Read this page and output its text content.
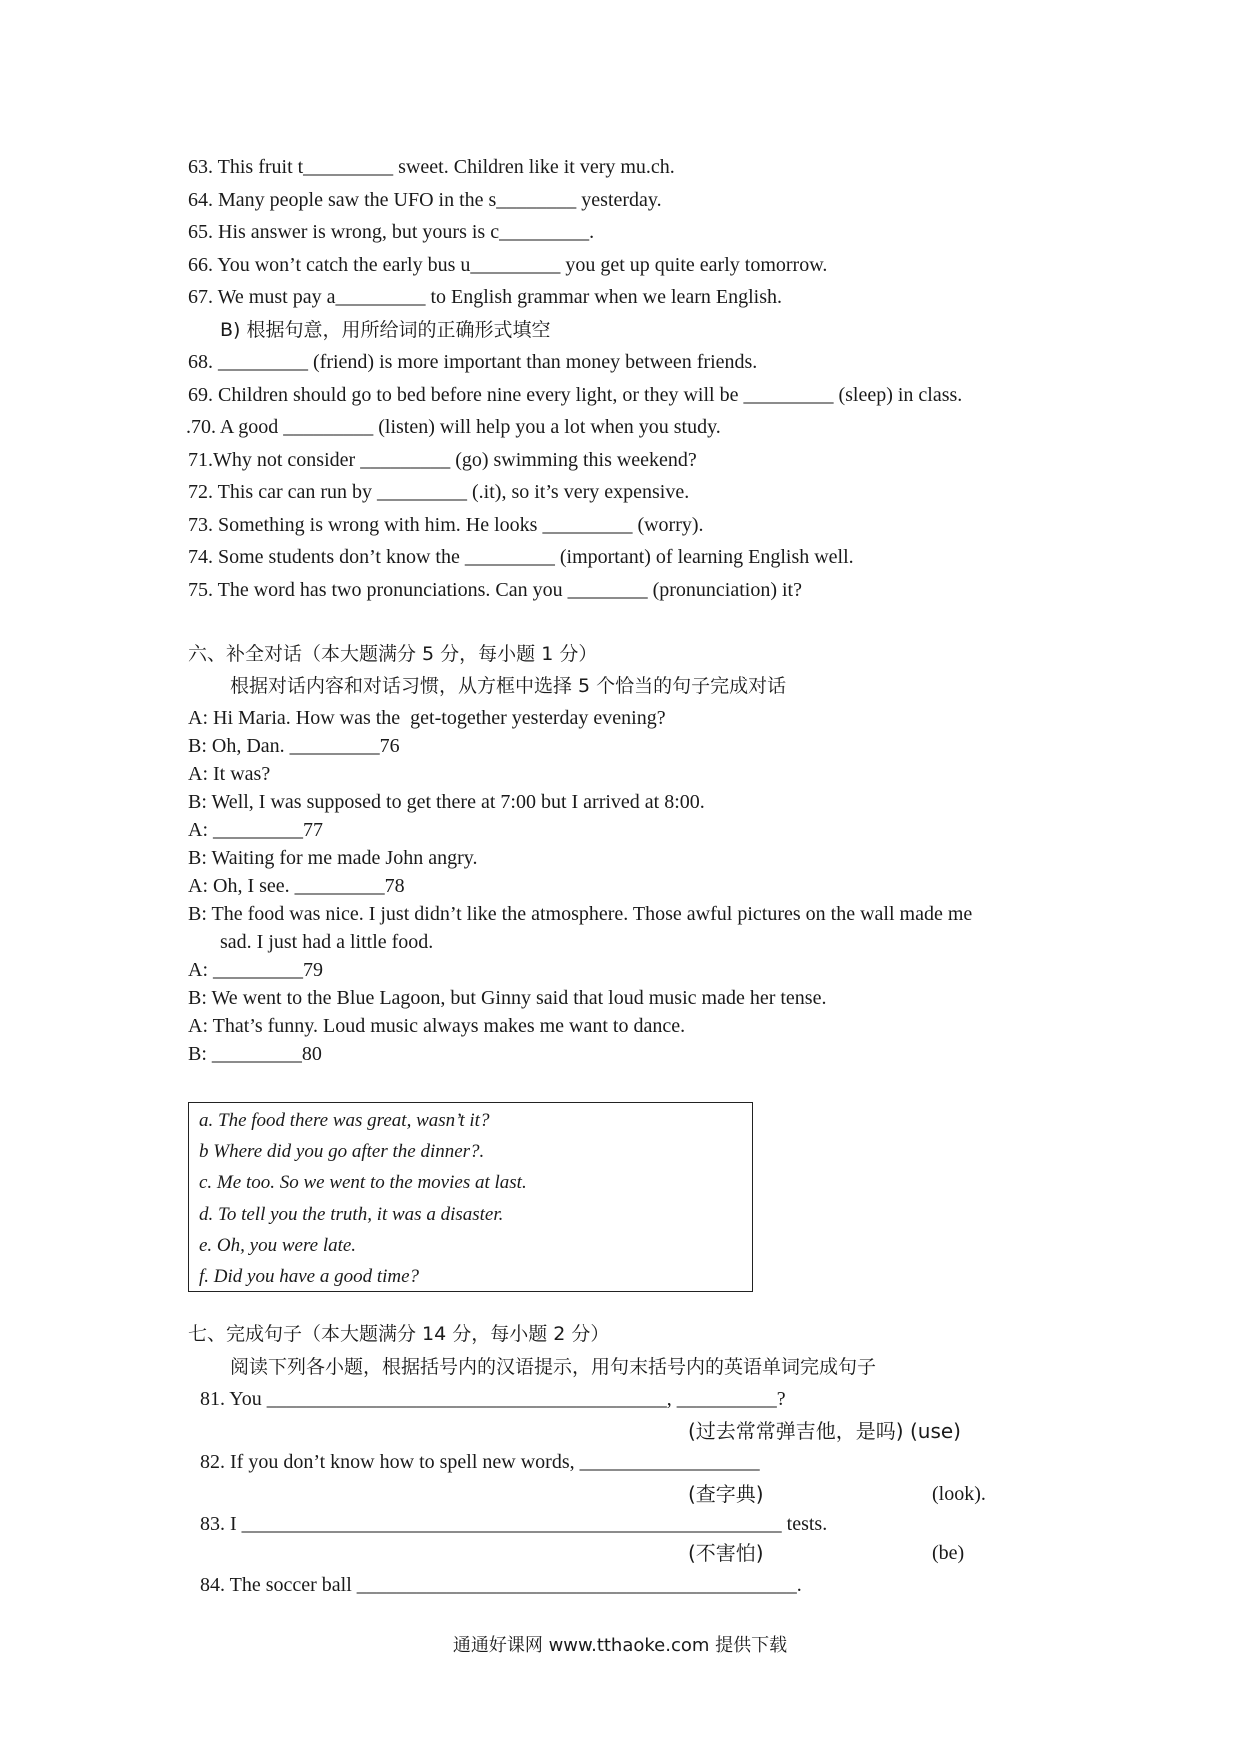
63. This fruit t_________ sweet. Children like it very mu.ch.
64. Many people saw the UFO in the s________ yesterday.
65. His answer is wrong, but yours is c_________.
66. You won’t catch the early bus u_________ you get up quite early tomorrow.
67. We must pay a_________ to English grammar when we learn English.
B) 根据句意，用所给词的正确形式填空
68. _________ (friend) is more important than money between friends.
69. Children should go to bed before nine every light, or they will be _________ (sleep) in class.
.70. A good _________ (listen) will help you a lot when you study.
71.Why not consider _________ (go) swimming this weekend?
72. This car can run by _________ (.it), so it’s very expensive.
73. Something is wrong with him. He looks _________ (worry).
74. Some students don’t know the _________ (important) of learning English well.
75. The word has two pronunciations. Can you ________ (pronunciation) it?
六、补全对话（本大题满分 5 分，每小题 1 分）
根据对话内容和对话习惯，从方框中选择 5 个恰当的句子完成对话
A: Hi Maria. How was the  get-together yesterday evening?
B: Oh, Dan. _________76
A: It was?
B: Well, I was supposed to get there at 7:00 but I arrived at 8:00.
A: _________77
B: Waiting for me made John angry.
A: Oh, I see. _________78
B: The food was nice. I just didn’t like the atmosphere. Those awful pictures on the wall made me
sad. I just had a little food.
A: _________79
B: We went to the Blue Lagoon, but Ginny said that loud music made her tense.
A: That’s funny. Loud music always makes me want to dance.
B: _________80
a. The food there was great, wasn’t it?
b Where did you go after the dinner?.
c. Me too. So we went to the movies at last.
d. To tell you the truth, it was a disaster.
e. Oh, you were late.
f. Did you have a good time?
七、完成句子（本大题满分 14 分，每小题 2 分）
阅读下列各小题，根据括号内的汉语提示，用句末括号内的英语单词完成句子
81. You ________________________________________, __________?
(过去常常弹吉他，是吗) (use)
82. If you don’t know how to spell new words, __________________
(查字典)	(look).
83. I ______________________________________________________ tests.
(不害怕)	(be)
84. The soccer ball ____________________________________________.
通通好课网 www.tthaoke.com 提供下载
